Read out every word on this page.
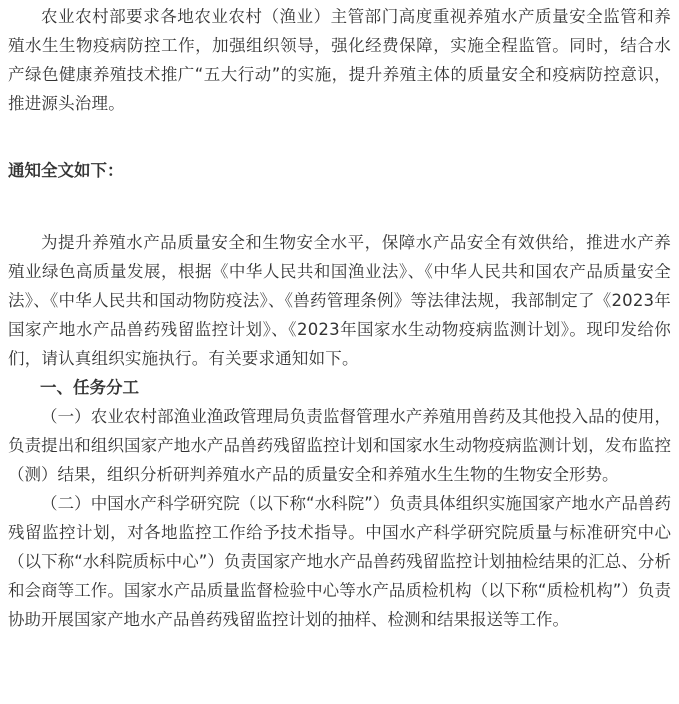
农业农村部要求各地农业农村（渔业）主管部门高度重视养殖水产质量安全监管和养殖水生生物疫病防控工作，加强组织领导，强化经费保障，实施全程监管。同时，结合水产绿色健康养殖技术推广“五大行动”的实施，提升养殖主体的质量安全和疫病防控意识，推进源头治理。

通知全文如下：

为提升养殖水产品质量安全和生物安全水平，保障水产品安全有效供给，推进水产养殖业绿色高质量发展，根据《中华人民共和国渔业法》、《中华人民共和国农产品质量安全法》、《中华人民共和国动物防疫法》、《兽药管理条例》等法律法规，我部制定了《2023年国家产地水产品兽药残留监控计划》、《2023年国家水生动物疫病监测计划》。现印发给你们，请认真组织实施执行。有关要求通知如下。

一、任务分工

（一）农业农村部渔业渔政管理局负责监督管理水产养殖用兽药及其他投入品的使用，负责提出和组织国家产地水产品兽药残留监控计划和国家水生动物疫病监测计划，发布监控（测）结果，组织分析研判养殖水产品的质量安全和养殖水生生物的生物安全形势。

（二）中国水产科学研究院（以下称“水科院”）负责具体组织实施国家产地水产品兽药残留监控计划，对各地监控工作给予技术指导。中国水产科学研究院质量与标准研究中心（以下称“水科院质标中心”）负责国家产地水产品兽药残留监控计划抽检结果的汇总、分析和会商等工作。国家水产品质量监督检验中心等水产品质检机构（以下称“质检机构”）负责协助开展国家产地水产品兽药残留监控计划的抽样、检测和结果报送等工作。
